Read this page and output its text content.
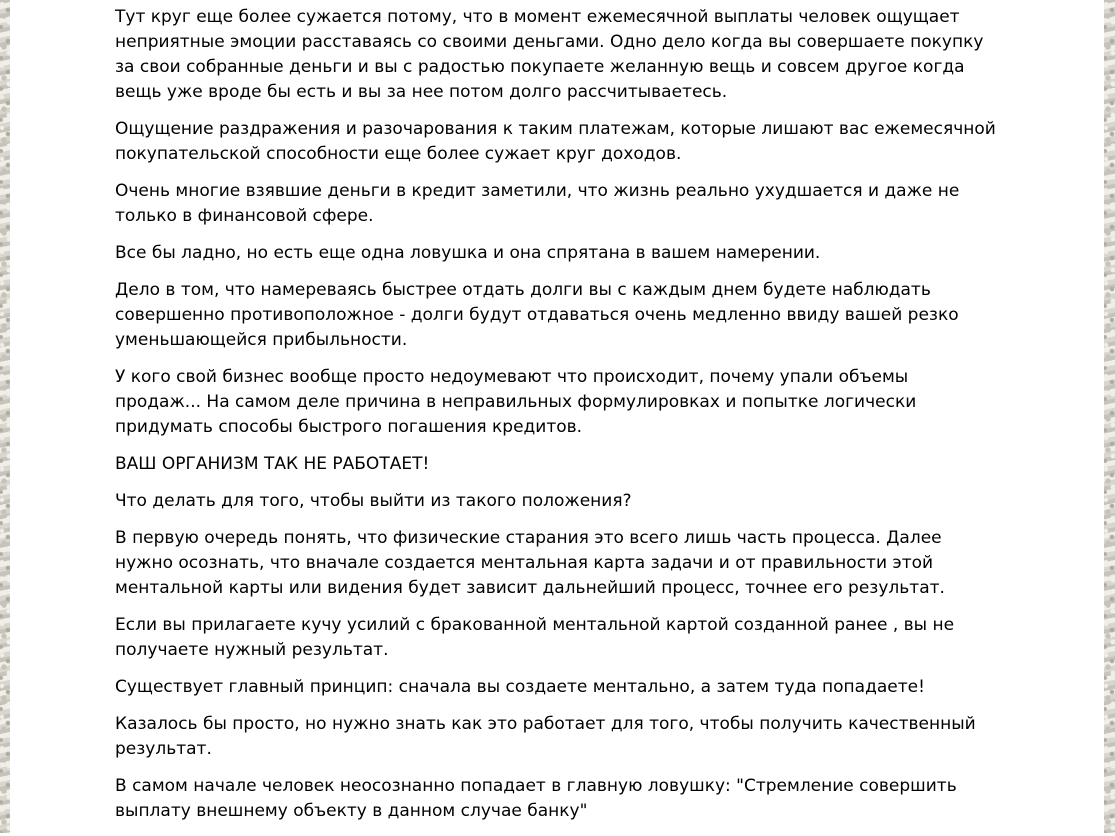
Тут круг еще более сужается потому, что в момент ежемесячной выплаты человек ощущает неприятные эмоции расставаясь со своими деньгами. Одно дело когда вы совершаете покупку за свои собранные деньги и вы с радостью покупаете желанную вещь и совсем другое когда вещь уже вроде бы есть и вы за нее потом долго рассчитываетесь.

Ощущение раздражения и разочарования к таким платежам, которые лишают вас ежемесячной покупательской способности еще более сужает круг доходов.

Очень многие взявшие деньги в кредит заметили, что жизнь реально ухудшается и даже не только в финансовой сфере.

Все бы ладно, но есть еще одна ловушка и она спрятана в вашем намерении.

Дело в том, что намереваясь быстрее отдать долги вы с каждым днем будете наблюдать совершенно противоположное - долги будут отдаваться очень медленно ввиду вашей резко уменьшающейся прибыльности.

У кого свой бизнес вообще просто недоумевают что происходит, почему упали объемы продаж... На самом деле причина в неправильных формулировках и попытке логически придумать способы быстрого погашения кредитов.

ВАШ ОРГАНИЗМ ТАК НЕ РАБОТАЕТ!

Что делать для того, чтобы выйти из такого положения?

В первую очередь понять, что физические старания это всего лишь часть процесса. Далее нужно осознать, что вначале создается ментальная карта задачи и от правильности этой ментальной карты или видения будет зависит дальнейший процесс, точнее его результат.

Если вы прилагаете кучу усилий с бракованной ментальной картой созданной ранее , вы не получаете нужный результат.

Существует главный принцип: сначала вы создаете ментально, а затем туда попадаете!

Казалось бы просто, но нужно знать как это работает для того, чтобы получить качественный результат.

В самом начале человек неосознанно попадает в главную ловушку: "Стремление совершить выплату внешнему объекту в данном случае банку"
